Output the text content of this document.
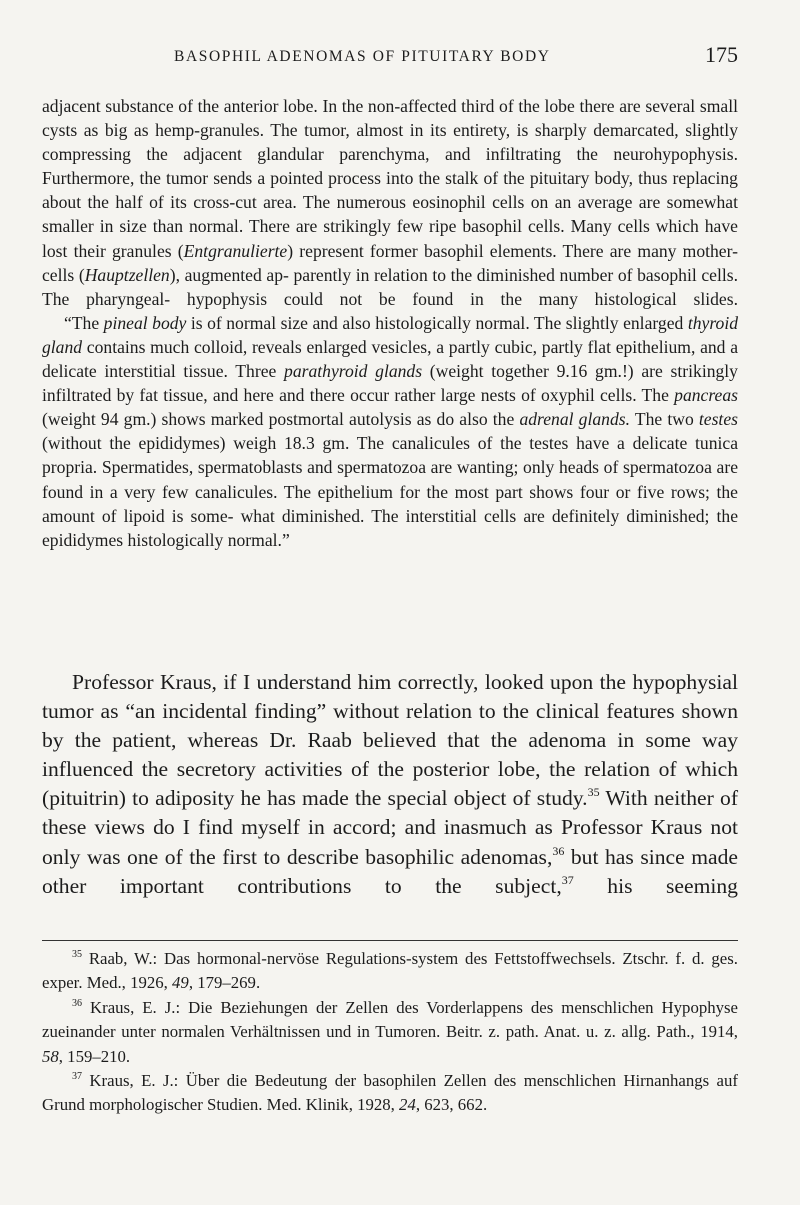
BASOPHIL ADENOMAS OF PITUITARY BODY	175

adjacent substance of the anterior lobe. In the non-affected third of the lobe there are several small cysts as big as hemp-granules. The tumor, almost in its entirety, is sharply demarcated, slightly compressing the adjacent glandular parenchyma, and infiltrating the neurohypophysis. Furthermore, the tumor sends a pointed process into the stalk of the pituitary body, thus replacing about the half of its cross-cut area. The numerous eosinophil cells on an average are somewhat smaller in size than normal. There are strikingly few ripe basophil cells. Many cells which have lost their granules (Entgranulierte) represent former basophil elements. There are many mother-cells (Hauptzellen), augmented ap- parently in relation to the diminished number of basophil cells. The pharyngeal- hypophysis could not be found in the many histological slides.

“The pineal body is of normal size and also histologically normal. The slightly enlarged thyroid gland contains much colloid, reveals enlarged vesicles, a partly cubic, partly flat epithelium, and a delicate interstitial tissue. Three parathyroid glands (weight together 9.16 gm.!) are strikingly infiltrated by fat tissue, and here and there occur rather large nests of oxyphil cells. The pancreas (weight 94 gm.) shows marked postmortal autolysis as do also the adrenal glands. The two testes (without the epididymes) weigh 18.3 gm. The canalicules of the testes have a delicate tunica propria. Spermatides, spermatoblasts and spermatozoa are wanting; only heads of spermatozoa are found in a very few canalicules. The epithelium for the most part shows four or five rows; the amount of lipoid is some- what diminished. The interstitial cells are definitely diminished; the epididymes histologically normal.”

Professor Kraus, if I understand him correctly, looked upon the hypophysial tumor as “an incidental finding” without relation to the clinical features shown by the patient, whereas Dr. Raab believed that the adenoma in some way influenced the secretory activities of the posterior lobe, the relation of which (pituitrin) to adiposity he has made the special object of study.$^{35}$ With neither of these views do I find myself in accord; and inasmuch as Professor Kraus not only was one of the first to describe basophilic adenomas,$^{36}$ but has since made other important contributions to the subject,$^{37}$ his seeming

$^{35}$ Raab, W.: Das hormonal-nervöse Regulations-system des Fettstoffwechsels. Ztschr. f. d. ges. exper. Med., 1926, 49, 179–269.

$^{36}$ Kraus, E. J.: Die Beziehungen der Zellen des Vorderlappens des menschlichen Hypophyse zueinander unter normalen Verhältnissen und in Tumoren. Beitr. z. path. Anat. u. z. allg. Path., 1914, 58, 159–210.

$^{37}$ Kraus, E. J.: Über die Bedeutung der basophilen Zellen des menschlichen Hirnanhangs auf Grund morphologischer Studien. Med. Klinik, 1928, 24, 623, 662.
